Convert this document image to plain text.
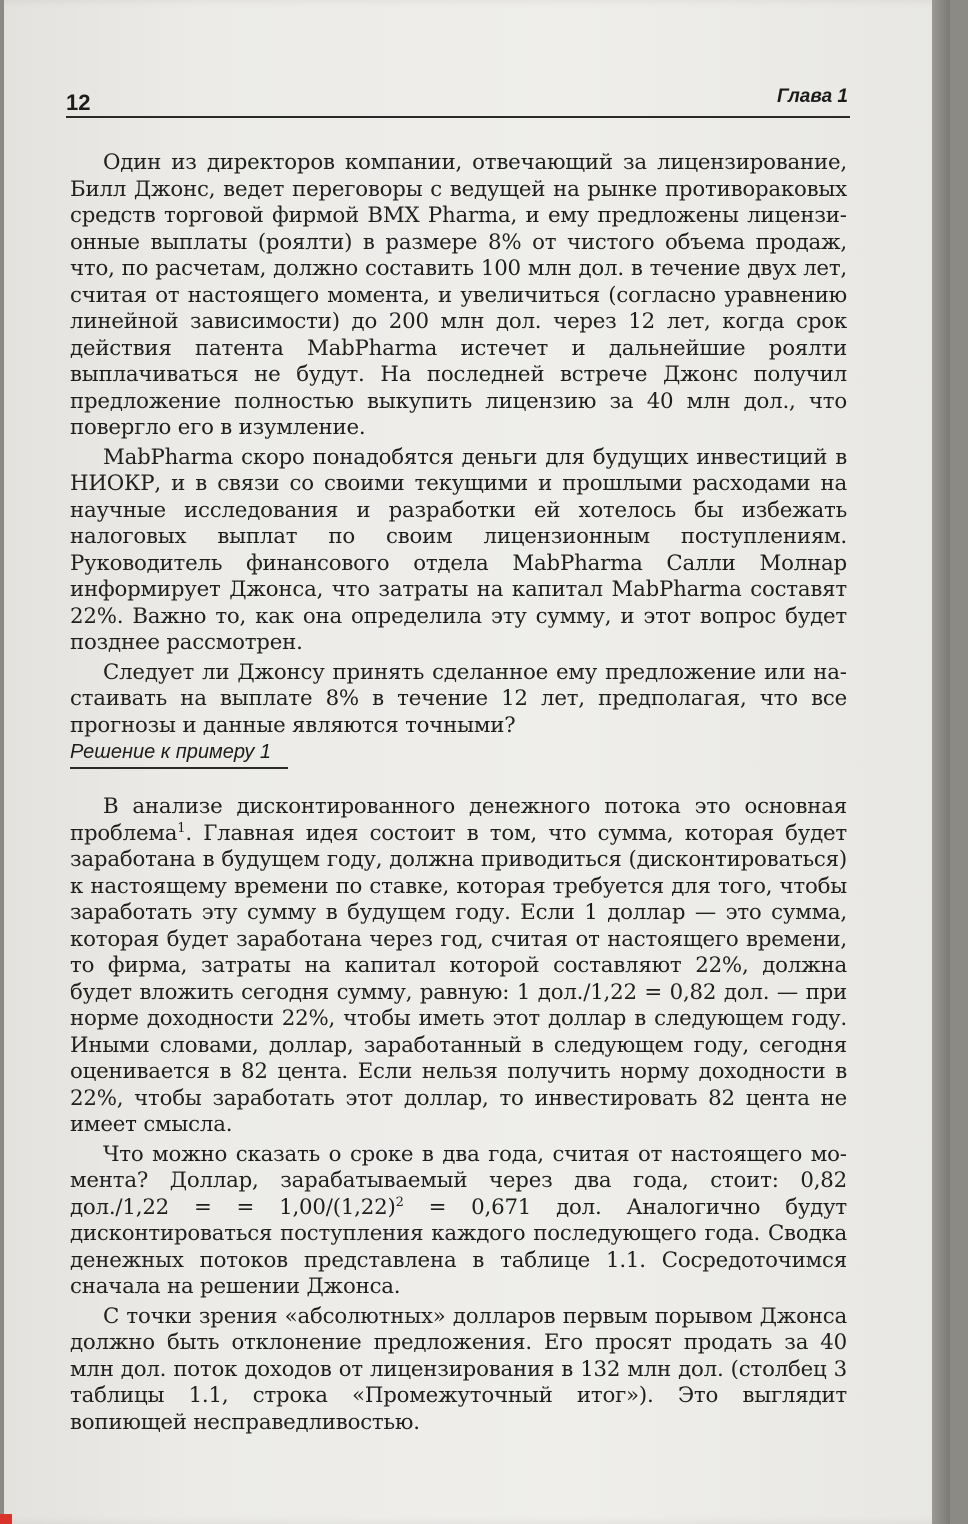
12	Глава 1

Один из директоров компании, отвечающий за лицензирование, Билл Джонс, ведет переговоры с ведущей на рынке противораковых средств торговой фирмой BMX Pharma, и ему предложены лицензионные выплаты (роялти) в размере 8% от чистого объема продаж, что, по расчетам, должно составить 100 млн дол. в течение двух лет, считая от настоящего момента, и увеличиться (согласно уравнению линейной зависимости) до 200 млн дол. через 12 лет, когда срок действия патента MabPharma истечет и дальнейшие роялти выплачиваться не будут. На последней встрече Джонс получил предложение полностью выкупить лицензию за 40 млн дол., что повергло его в изумление.

MabPharma скоро понадобятся деньги для будущих инвестиций в НИОКР, и в связи со своими текущими и прошлыми расходами на научные исследования и разработки ей хотелось бы избежать налоговых выплат по своим лицензионным поступлениям. Руководитель финансового отдела MabPharma Салли Молнар информирует Джонса, что затраты на капитал MabPharma составят 22%. Важно то, как она определила эту сумму, и этот вопрос будет позднее рассмотрен.

Следует ли Джонсу принять сделанное ему предложение или настаивать на выплате 8% в течение 12 лет, предполагая, что все прогнозы и данные являются точными?

Решение к примеру 1

В анализе дисконтированного денежного потока это основная проблема$^1$. Главная идея состоит в том, что сумма, которая будет заработана в будущем году, должна приводиться (дисконтироваться) к настоящему времени по ставке, которая требуется для того, чтобы заработать эту сумму в будущем году. Если 1 доллар — это сумма, которая будет заработана через год, считая от настоящего времени, то фирма, затраты на капитал которой составляют 22%, должна будет вложить сегодня сумму, равную: 1 дол./1,22 = 0,82 дол. — при норме доходности 22%, чтобы иметь этот доллар в следующем году. Иными словами, доллар, заработанный в следующем году, сегодня оценивается в 82 цента. Если нельзя получить норму доходности в 22%, чтобы заработать этот доллар, то инвестировать 82 цента не имеет смысла.

Что можно сказать о сроке в два года, считая от настоящего момента? Доллар, зарабатываемый через два года, стоит: 0,82 дол./1,22 = = $1,00/(1,22)^2 = 0,671$ дол. Аналогично будут дисконтироваться поступления каждого последующего года. Сводка денежных потоков представлена в таблице 1.1. Сосредоточимся сначала на решении Джонса.

С точки зрения «абсолютных» долларов первым порывом Джонса должно быть отклонение предложения. Его просят продать за 40 млн дол. поток доходов от лицензирования в 132 млн дол. (столбец 3 таблицы 1.1, строка «Промежуточный итог»). Это выглядит вопиющей несправедливостью.
